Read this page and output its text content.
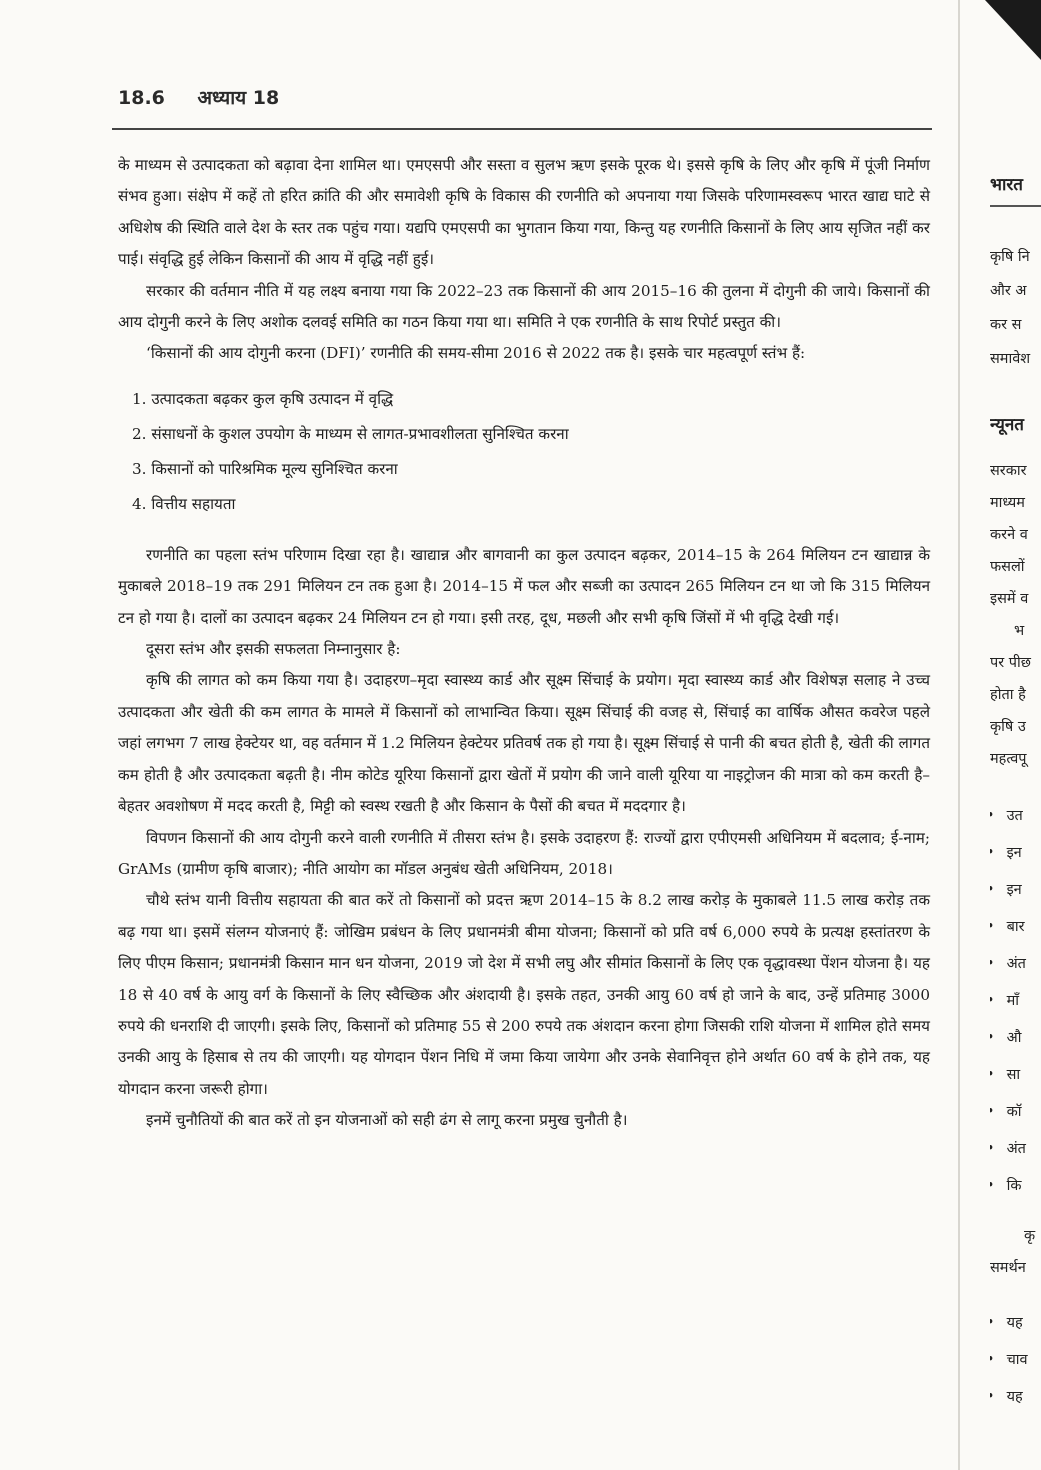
18.6 अध्याय 18

के माध्यम से उत्पादकता को बढ़ावा देना शामिल था। एमएसपी और सस्ता व सुलभ ऋण इसके पूरक थे। इससे कृषि के लिए और कृषि में पूंजी निर्माण संभव हुआ। संक्षेप में कहें तो हरित क्रांति की और समावेशी कृषि के विकास की रणनीति को अपनाया गया जिसके परिणामस्वरूप भारत खाद्य घाटे से अधिशेष की स्थिति वाले देश के स्तर तक पहुंच गया। यद्यपि एमएसपी का भुगतान किया गया, किन्तु यह रणनीति किसानों के लिए आय सृजित नहीं कर पाई। संवृद्धि हुई लेकिन किसानों की आय में वृद्धि नहीं हुई।

सरकार की वर्तमान नीति में यह लक्ष्य बनाया गया कि 2022–23 तक किसानों की आय 2015–16 की तुलना में दोगुनी की जाये। किसानों की आय दोगुनी करने के लिए अशोक दलवई समिति का गठन किया गया था। समिति ने एक रणनीति के साथ रिपोर्ट प्रस्तुत की।

‘किसानों की आय दोगुनी करना (DFI)’ रणनीति की समय-सीमा 2016 से 2022 तक है। इसके चार महत्वपूर्ण स्तंभ हैं:

1. उत्पादकता बढ़कर कुल कृषि उत्पादन में वृद्धि
2. संसाधनों के कुशल उपयोग के माध्यम से लागत-प्रभावशीलता सुनिश्चित करना
3. किसानों को पारिश्रमिक मूल्य सुनिश्चित करना
4. वित्तीय सहायता

रणनीति का पहला स्तंभ परिणाम दिखा रहा है। खाद्यान्न और बागवानी का कुल उत्पादन बढ़कर, 2014–15 के 264 मिलियन टन खाद्यान्न के मुकाबले 2018–19 तक 291 मिलियन टन तक हुआ है। 2014–15 में फल और सब्जी का उत्पादन 265 मिलियन टन था जो कि 315 मिलियन टन हो गया है। दालों का उत्पादन बढ़कर 24 मिलियन टन हो गया। इसी तरह, दूध, मछली और सभी कृषि जिंसों में भी वृद्धि देखी गई।

दूसरा स्तंभ और इसकी सफलता निम्नानुसार है:

कृषि की लागत को कम किया गया है। उदाहरण–मृदा स्वास्थ्य कार्ड और सूक्ष्म सिंचाई के प्रयोग। मृदा स्वास्थ्य कार्ड और विशेषज्ञ सलाह ने उच्च उत्पादकता और खेती की कम लागत के मामले में किसानों को लाभान्वित किया। सूक्ष्म सिंचाई की वजह से, सिंचाई का वार्षिक औसत कवरेज पहले जहां लगभग 7 लाख हेक्टेयर था, वह वर्तमान में 1.2 मिलियन हेक्टेयर प्रतिवर्ष तक हो गया है। सूक्ष्म सिंचाई से पानी की बचत होती है, खेती की लागत कम होती है और उत्पादकता बढ़ती है। नीम कोटेड यूरिया किसानों द्वारा खेतों में प्रयोग की जाने वाली यूरिया या नाइट्रोजन की मात्रा को कम करती है–बेहतर अवशोषण में मदद करती है, मिट्टी को स्वस्थ रखती है और किसान के पैसों की बचत में मददगार है।

विपणन किसानों की आय दोगुनी करने वाली रणनीति में तीसरा स्तंभ है। इसके उदाहरण हैं: राज्यों द्वारा एपीएमसी अधिनियम में बदलाव; ई-नाम; GrAMs (ग्रामीण कृषि बाजार); नीति आयोग का मॉडल अनुबंध खेती अधिनियम, 2018।

चौथे स्तंभ यानी वित्तीय सहायता की बात करें तो किसानों को प्रदत्त ऋण 2014–15 के 8.2 लाख करोड़ के मुकाबले 11.5 लाख करोड़ तक बढ़ गया था। इसमें संलग्न योजनाएं हैं: जोखिम प्रबंधन के लिए प्रधानमंत्री बीमा योजना; किसानों को प्रति वर्ष 6,000 रुपये के प्रत्यक्ष हस्तांतरण के लिए पीएम किसान; प्रधानमंत्री किसान मान धन योजना, 2019 जो देश में सभी लघु और सीमांत किसानों के लिए एक वृद्धावस्था पेंशन योजना है। यह 18 से 40 वर्ष के आयु वर्ग के किसानों के लिए स्वैच्छिक और अंशदायी है। इसके तहत, उनकी आयु 60 वर्ष हो जाने के बाद, उन्हें प्रतिमाह 3000 रुपये की धनराशि दी जाएगी। इसके लिए, किसानों को प्रतिमाह 55 से 200 रुपये तक अंशदान करना होगा जिसकी राशि योजना में शामिल होते समय उनकी आयु के हिसाब से तय की जाएगी। यह योगदान पेंशन निधि में जमा किया जायेगा और उनके सेवानिवृत्त होने अर्थात 60 वर्ष के होने तक, यह योगदान करना जरूरी होगा।

इनमें चुनौतियों की बात करें तो इन योजनाओं को सही ढंग से लागू करना प्रमुख चुनौती है।

भारत
कृषि नि
और अ
कर स
समावेश
न्यूनत
सरकार
माध्यम
करने व
फसलों
इसमें व
भ
पर पीछ
होता है
कृषि उ
महत्वपू
• उत
• इन
• इन
• बार
• अंत
• माँ
• औ
• सा
• कॉ
• अंत
• कि
कृ
समर्थन
• यह
• चाव
• यह
